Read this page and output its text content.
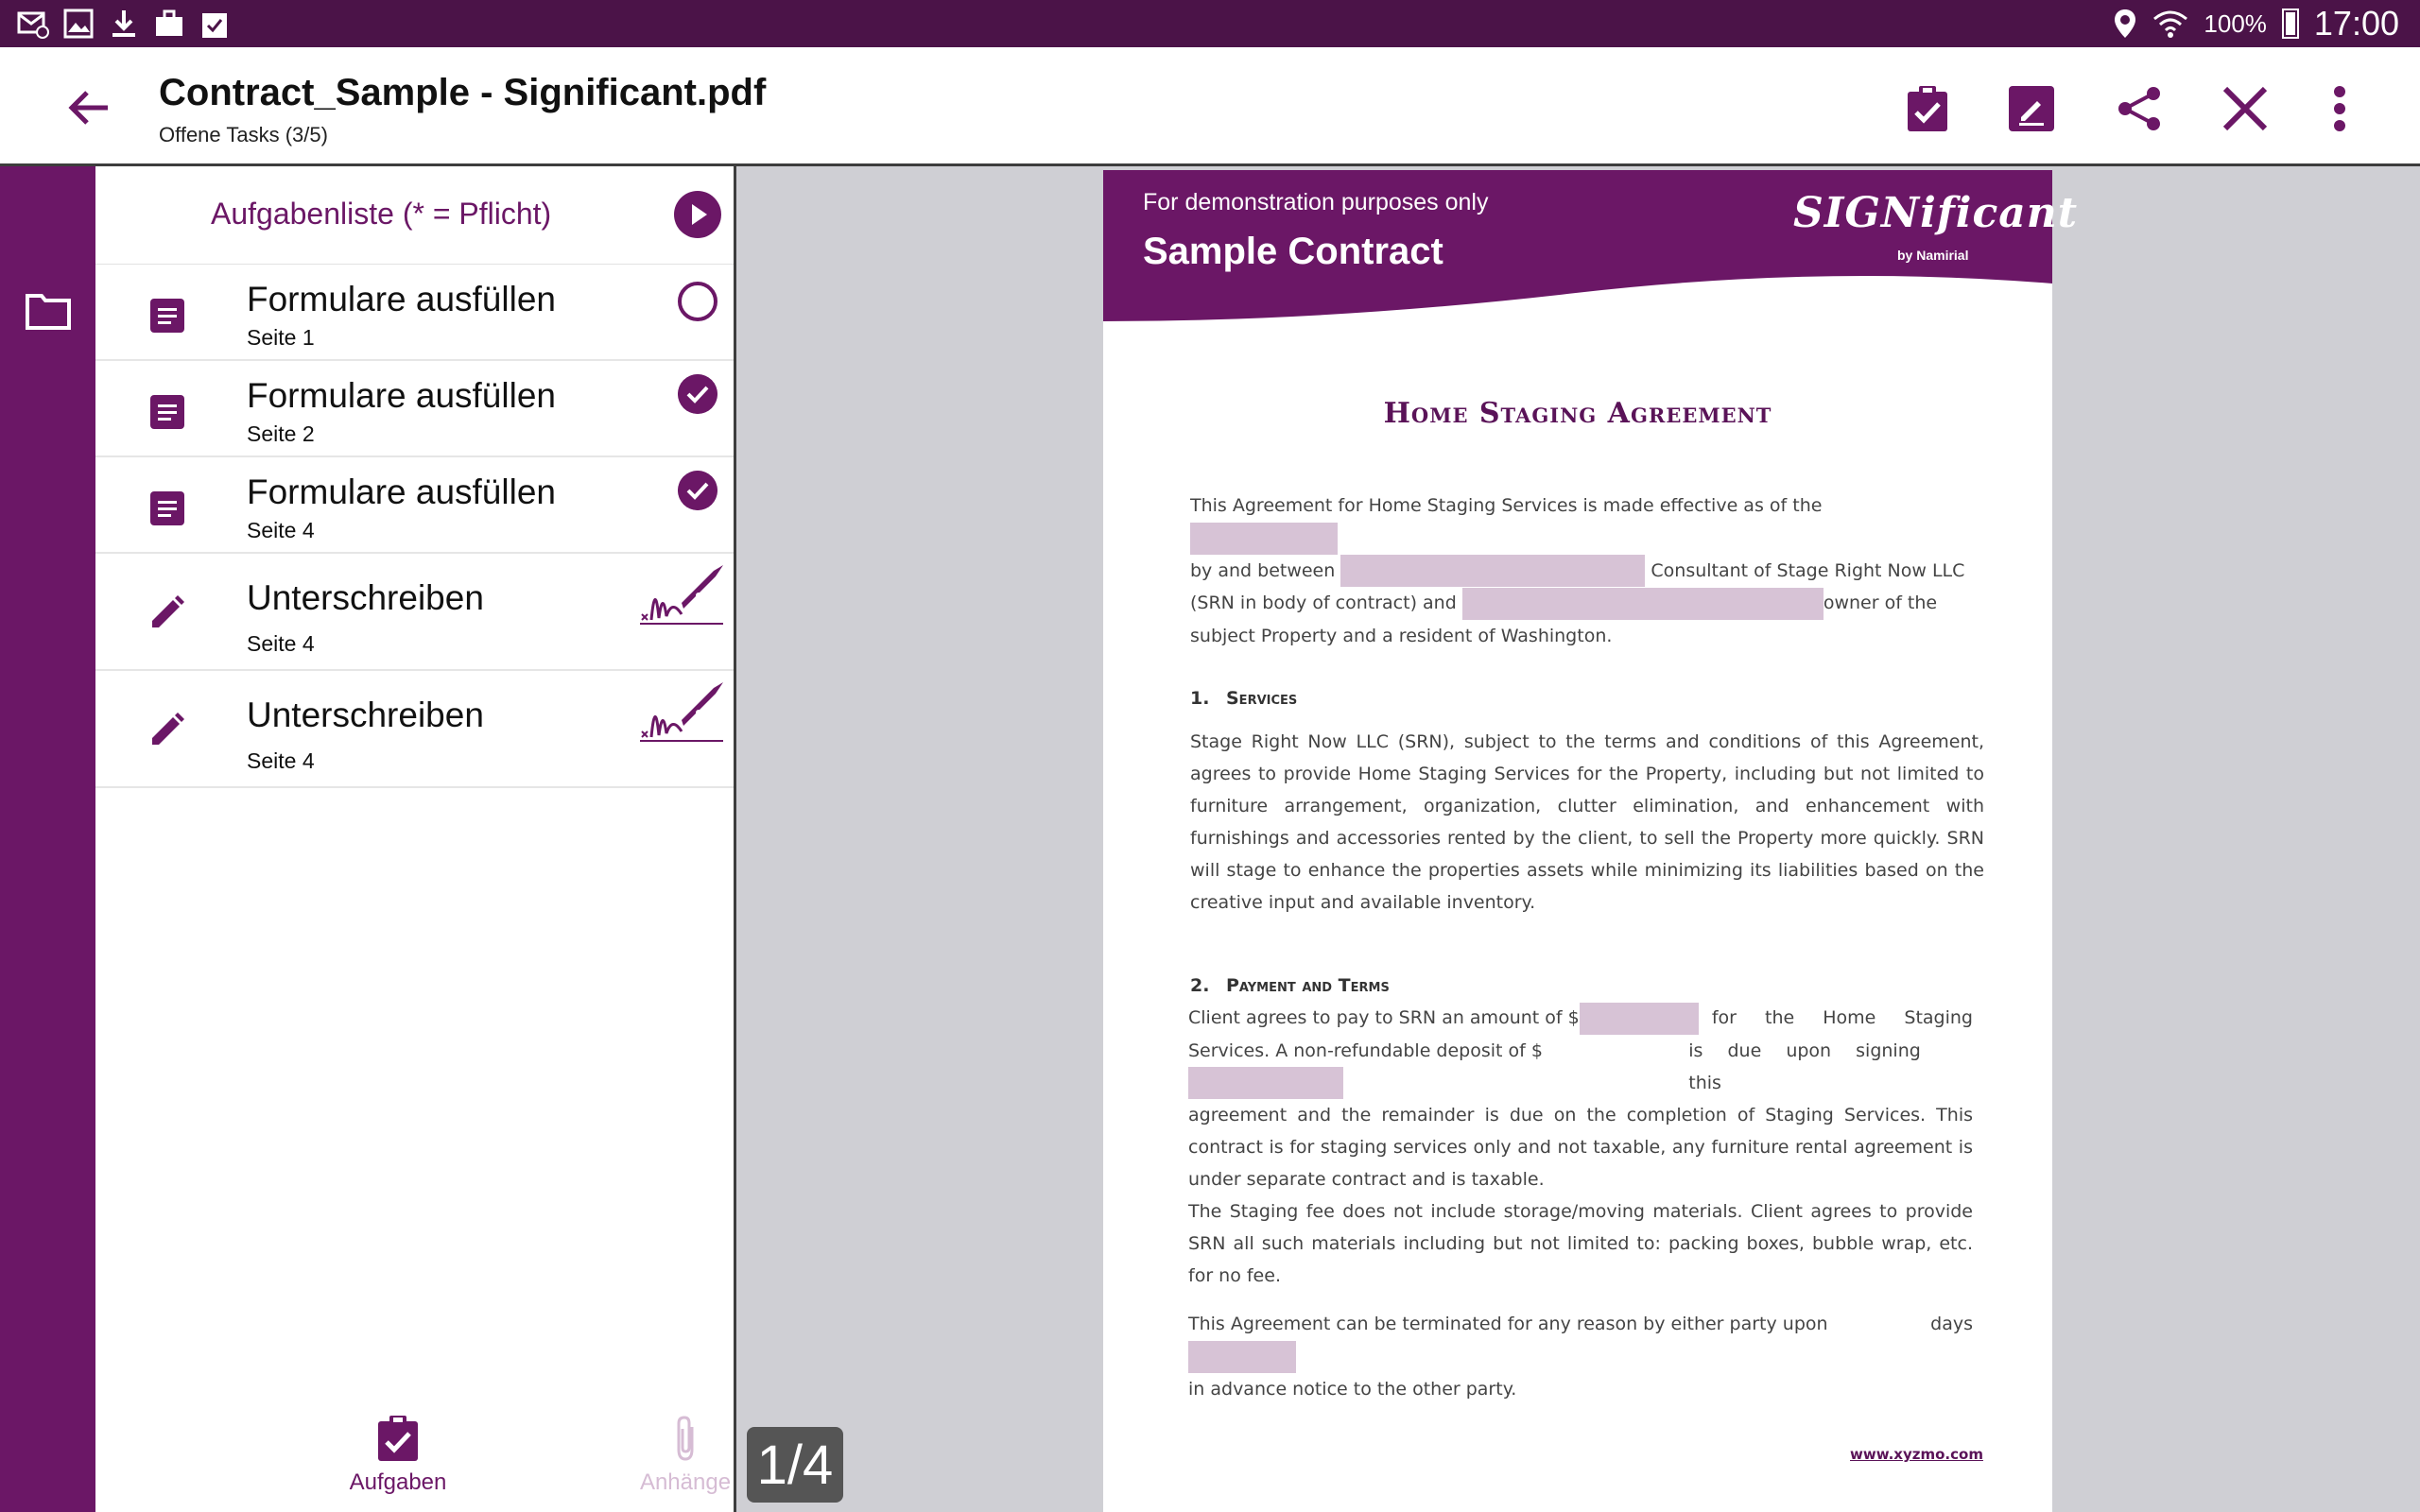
100% 17:00
Contract_Sample - Significant.pdf
Offene Tasks (3/5)
Aufgabenliste (* = Pflicht)
Formulare ausfüllen
Seite 1
Formulare ausfüllen
Seite 2
Formulare ausfüllen
Seite 4
Unterschreiben
Seite 4
Unterschreiben
Seite 4
Aufgaben	Anhänge
For demonstration purposes only
Sample Contract
SIGNificant
by Namirial
Home Staging Agreement
This Agreement for Home Staging Services is made effective as of the
by and between	Consultant of Stage Right Now LLC
(SRN in body of contract) and	owner of the
subject Property and a resident of Washington.
1. Services
Stage Right Now LLC (SRN), subject to the terms and conditions of this Agreement, agrees to provide Home Staging Services for the Property, including but not limited to furniture arrangement, organization, clutter elimination, and enhancement with furnishings and accessories rented by the client, to sell the Property more quickly. SRN will stage to enhance the properties assets while minimizing its liabilities based on the creative input and available inventory.
2. Payment and Terms
Client agrees to pay to SRN an amount of $	for the Home Staging
Services. A non-refundable deposit of $	is due upon signing this
agreement and the remainder is due on the completion of Staging Services. This contract is for staging services only and not taxable, any furniture rental agreement is under separate contract and is taxable.
The Staging fee does not include storage/moving materials. Client agrees to provide SRN all such materials including but not limited to: packing boxes, bubble wrap, etc. for no fee.
This Agreement can be terminated for any reason by either party upon	days
in advance notice to the other party.
www.xyzmo.com
1/4
